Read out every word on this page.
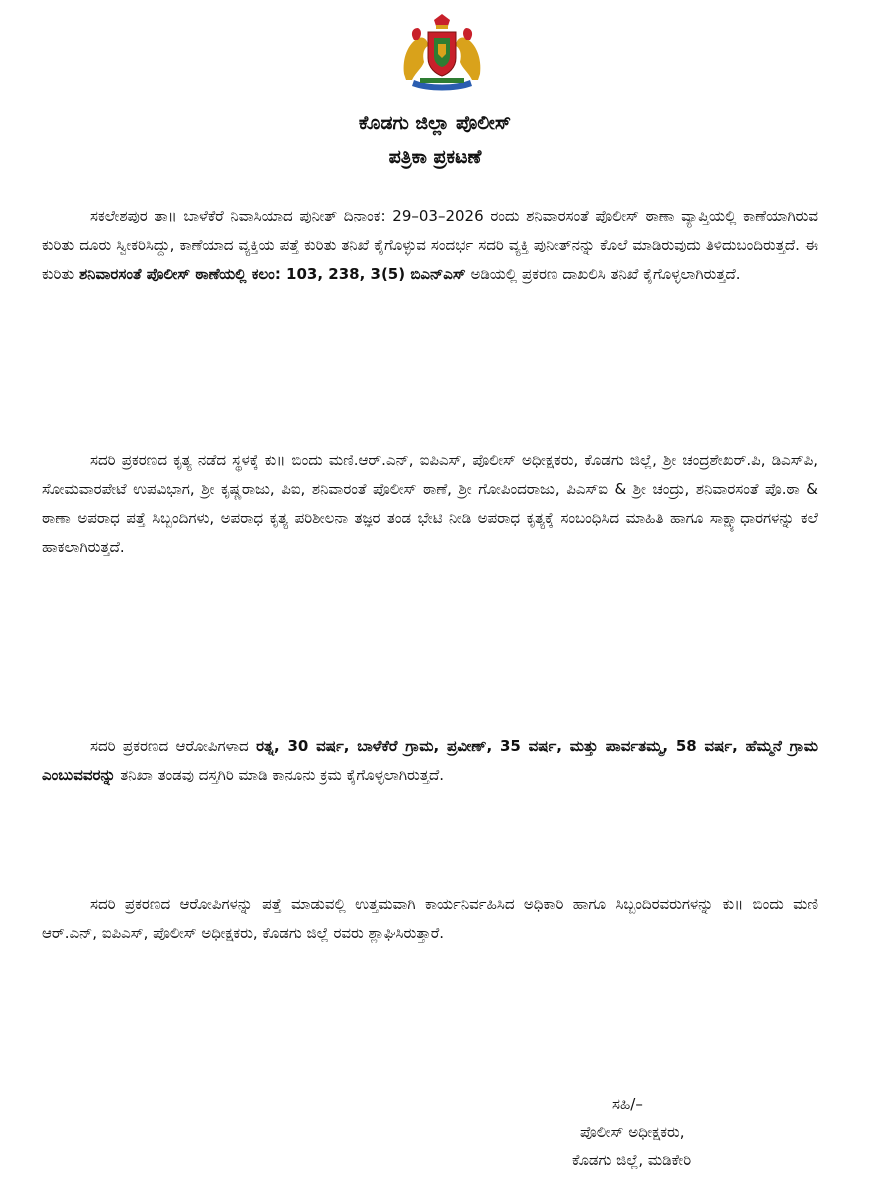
ಕೊಡಗು ಜಿಲ್ಲಾ ಪೊಲೀಸ್
ಪತ್ರಿಕಾ ಪ್ರಕಟಣೆ

ಸಕಲೇಶಪುರ ತಾ॥ ಬಾಳೆಕೆರೆ ನಿವಾಸಿಯಾದ ಪುನೀತ್ ದಿನಾಂಕ: 29–03–2026 ರಂದು ಶನಿವಾರಸಂತೆ ಪೊಲೀಸ್ ಠಾಣಾ ವ್ಯಾಪ್ತಿಯಲ್ಲಿ ಕಾಣೆಯಾಗಿರುವ ಕುರಿತು ದೂರು ಸ್ವೀಕರಿಸಿದ್ದು, ಕಾಣೆಯಾದ ವ್ಯಕ್ತಿಯ ಪತ್ತೆ ಕುರಿತು ತನಿಖೆ ಕೈಗೊಳ್ಳುವ ಸಂದರ್ಭ ಸದರಿ ವ್ಯಕ್ತಿ ಪುನೀತ್‌ನನ್ನು ಕೊಲೆ ಮಾಡಿರುವುದು ತಿಳಿದುಬಂದಿರುತ್ತದೆ. ಈ ಕುರಿತು ಶನಿವಾರಸಂತೆ ಪೊಲೀಸ್ ಠಾಣೆಯಲ್ಲಿ ಕಲಂ: 103, 238, 3(5) ಬಿಎನ್‌ಎಸ್ ಅಡಿಯಲ್ಲಿ ಪ್ರಕರಣ ದಾಖಲಿಸಿ ತನಿಖೆ ಕೈಗೊಳ್ಳಲಾಗಿರುತ್ತದೆ.

ಸದರಿ ಪ್ರಕರಣದ ಕೃತ್ಯ ನಡೆದ ಸ್ಥಳಕ್ಕೆ ಕು॥ ಬಿಂದು ಮಣಿ.ಆರ್.ಎನ್, ಐಪಿಎಸ್, ಪೊಲೀಸ್ ಅಧೀಕ್ಷಕರು, ಕೊಡಗು ಜಿಲ್ಲೆ, ಶ್ರೀ ಚಂದ್ರಶೇಖರ್.ಪಿ, ಡಿಎಸ್‌ಪಿ, ಸೋಮವಾರಪೇಟೆ ಉಪವಿಭಾಗ, ಶ್ರೀ ಕೃಷ್ಣರಾಜು, ಪಿಐ, ಶನಿವಾರಂತೆ ಪೊಲೀಸ್ ಠಾಣೆ, ಶ್ರೀ ಗೋಪಿಂದರಾಜು, ಪಿಎಸ್‌ಐ & ಶ್ರೀ ಚಂದ್ರು, ಶನಿವಾರಸಂತೆ ಪೊ.ಠಾ & ಠಾಣಾ ಅಪರಾಧ ಪತ್ತೆ ಸಿಬ್ಬಂದಿಗಳು, ಅಪರಾಧ ಕೃತ್ಯ ಪರಿಶೀಲನಾ ತಜ್ಞರ ತಂಡ ಭೇಟಿ ನೀಡಿ ಅಪರಾಧ ಕೃತ್ಯಕ್ಕೆ ಸಂಬಂಧಿಸಿದ ಮಾಹಿತಿ ಹಾಗೂ ಸಾಕ್ಷ್ಯಾಧಾರಗಳನ್ನು ಕಲೆ ಹಾಕಲಾಗಿರುತ್ತದೆ.

ಸದರಿ ಪ್ರಕರಣದ ಆರೋಪಿಗಳಾದ ರತ್ನ, 30 ವರ್ಷ, ಬಾಳೆಕೆರೆ ಗ್ರಾಮ, ಪ್ರವೀಣ್, 35 ವರ್ಷ, ಮತ್ತು ಪಾರ್ವತಮ್ಮ, 58 ವರ್ಷ, ಹೆಮ್ಮನೆ ಗ್ರಾಮ ಎಂಬುವವರನ್ನು ತನಿಖಾ ತಂಡವು ದಸ್ತಗಿರಿ ಮಾಡಿ ಕಾನೂನು ಕ್ರಮ ಕೈಗೊಳ್ಳಲಾಗಿರುತ್ತದೆ.

ಸದರಿ ಪ್ರಕರಣದ ಆರೋಪಿಗಳನ್ನು ಪತ್ತೆ ಮಾಡುವಲ್ಲಿ ಉತ್ತಮವಾಗಿ ಕಾರ್ಯನಿರ್ವಹಿಸಿದ ಅಧಿಕಾರಿ ಹಾಗೂ ಸಿಬ್ಬಂದಿರವರುಗಳನ್ನು ಕು॥ ಬಿಂದು ಮಣಿ ಆರ್.ಎನ್, ಐಪಿಎಸ್, ಪೊಲೀಸ್ ಅಧೀಕ್ಷಕರು, ಕೊಡಗು ಜಿಲ್ಲೆ ರವರು ಶ್ಲಾಘಿಸಿರುತ್ತಾರೆ.

ಸಹಿ/–
ಪೊಲೀಸ್ ಅಧೀಕ್ಷಕರು,
ಕೊಡಗು ಜಿಲ್ಲೆ, ಮಡಿಕೇರಿ
